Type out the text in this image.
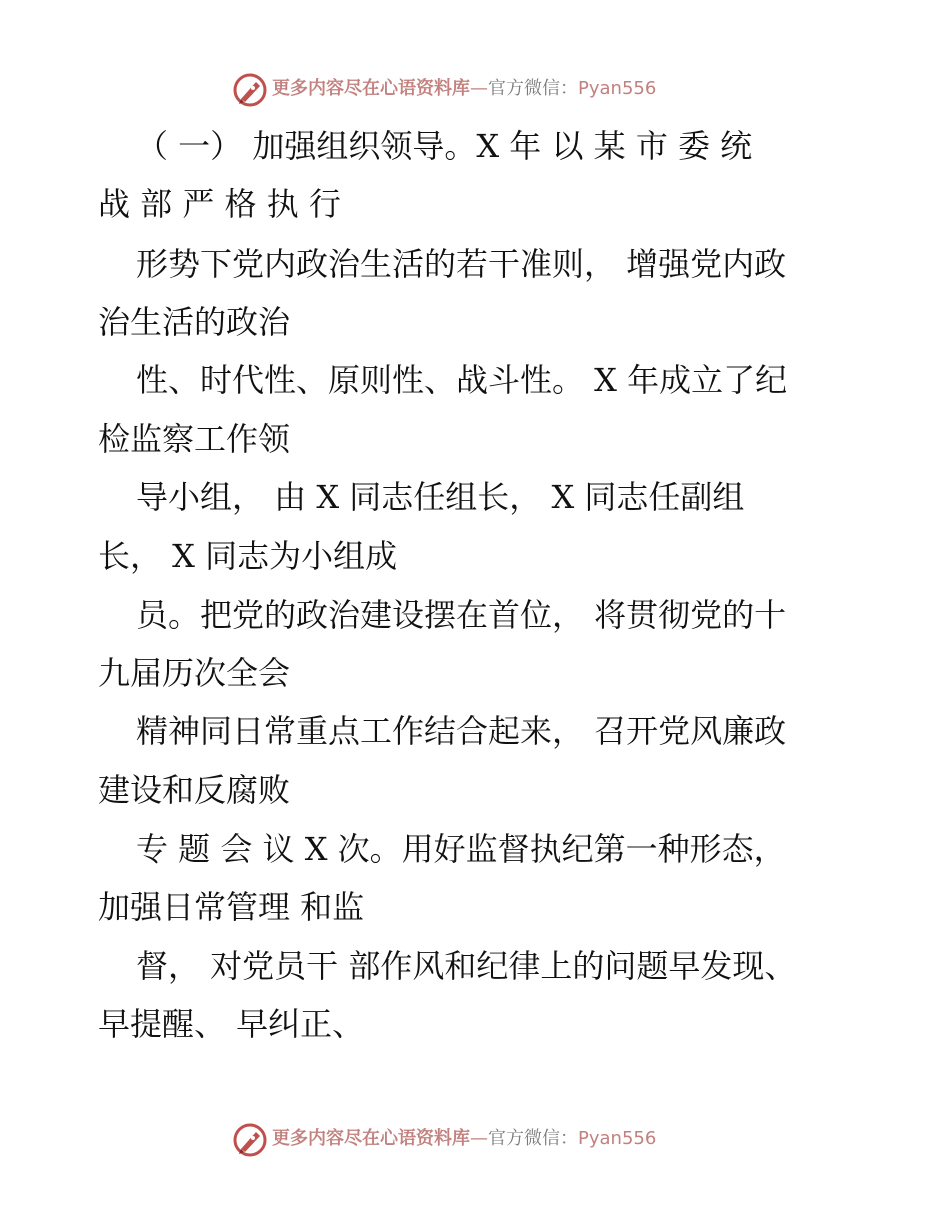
更多内容尽在心语资料库—官方微信：Pyan556
（ 一） 加强组织领导。X 年 以 某 市 委 统
战 部 严 格 执 行
形势下党内政治生活的若干准则， 增强党内政
治生活的政治
性、时代性、原则性、战斗性。 X 年成立了纪
检监察工作领
导小组， 由 X 同志任组长， X 同志任副组
长， X 同志为小组成
员。把党的政治建设摆在首位， 将贯彻党的十
九届历次全会
精神同日常重点工作结合起来， 召开党风廉政
建设和反腐败
专 题 会 议 X 次。用好监督执纪第一种形态，
加强日常管理 和监
督， 对党员干 部作风和纪律上的问题早发现、
早提醒、 早纠正、
更多内容尽在心语资料库—官方微信：Pyan556
